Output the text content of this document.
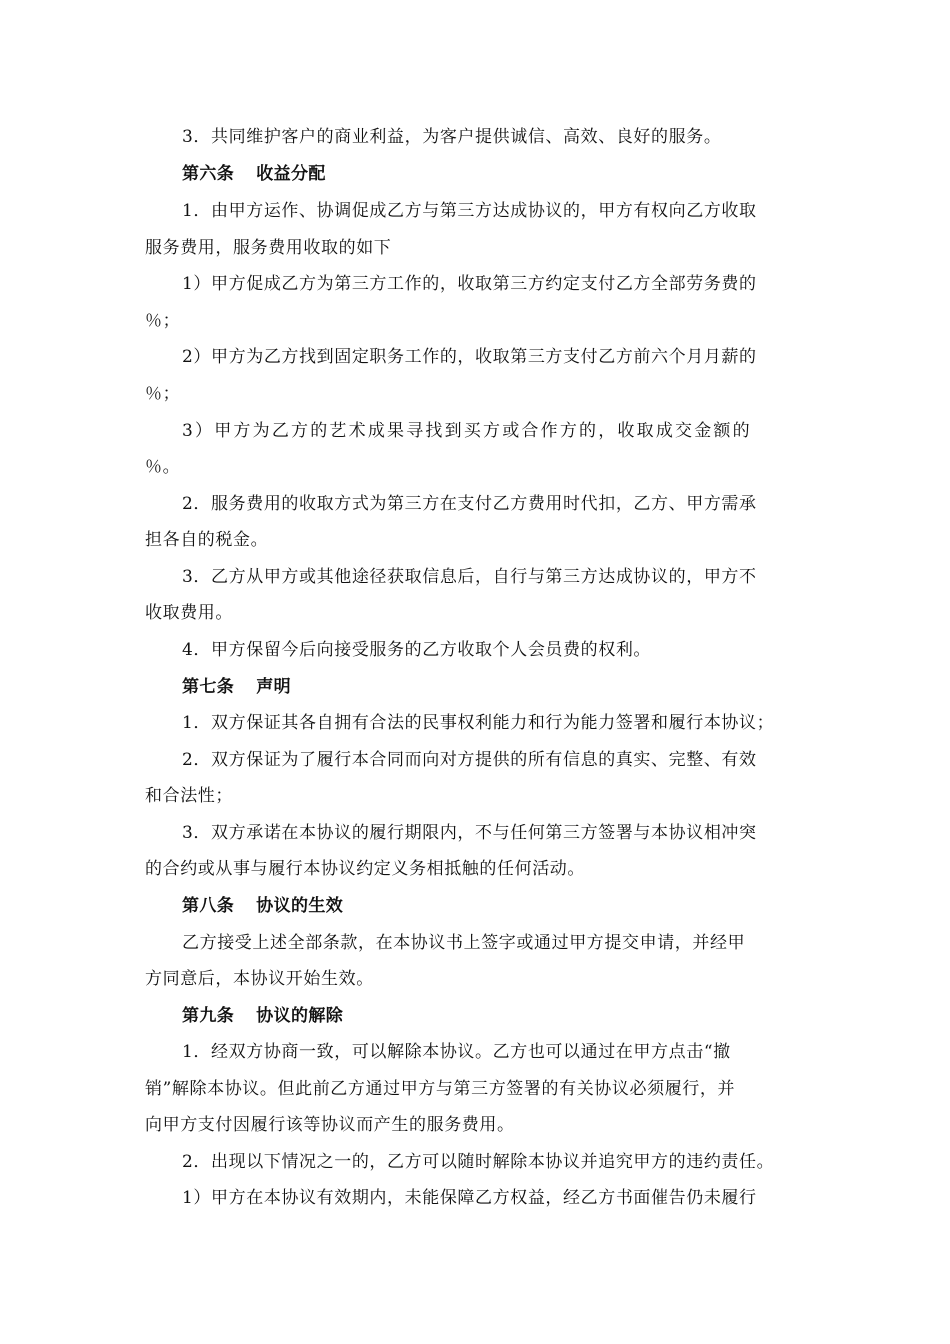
3．共同维护客户的商业利益，为客户提供诚信、高效、良好的服务。
第六条 收益分配
1．由甲方运作、协调促成乙方与第三方达成协议的，甲方有权向乙方收取
服务费用，服务费用收取的如下
1）甲方促成乙方为第三方工作的，收取第三方约定支付乙方全部劳务费的
％；
2）甲方为乙方找到固定职务工作的，收取第三方支付乙方前六个月月薪的
％；
3）甲方为乙方的艺术成果寻找到买方或合作方的，收取成交金额的
％。
2．服务费用的收取方式为第三方在支付乙方费用时代扣，乙方、甲方需承
担各自的税金。
3．乙方从甲方或其他途径获取信息后，自行与第三方达成协议的，甲方不
收取费用。
4．甲方保留今后向接受服务的乙方收取个人会员费的权利。
第七条 声明
1．双方保证其各自拥有合法的民事权利能力和行为能力签署和履行本协议；
2．双方保证为了履行本合同而向对方提供的所有信息的真实、完整、有效
和合法性；
3．双方承诺在本协议的履行期限内，不与任何第三方签署与本协议相冲突
的合约或从事与履行本协议约定义务相抵触的任何活动。
第八条 协议的生效
乙方接受上述全部条款，在本协议书上签字或通过甲方提交申请，并经甲
方同意后，本协议开始生效。
第九条 协议的解除
1．经双方协商一致，可以解除本协议。乙方也可以通过在甲方点击“撤
销”解除本协议。但此前乙方通过甲方与第三方签署的有关协议必须履行，并
向甲方支付因履行该等协议而产生的服务费用。
2．出现以下情况之一的，乙方可以随时解除本协议并追究甲方的违约责任。
1）甲方在本协议有效期内，未能保障乙方权益，经乙方书面催告仍未履行
